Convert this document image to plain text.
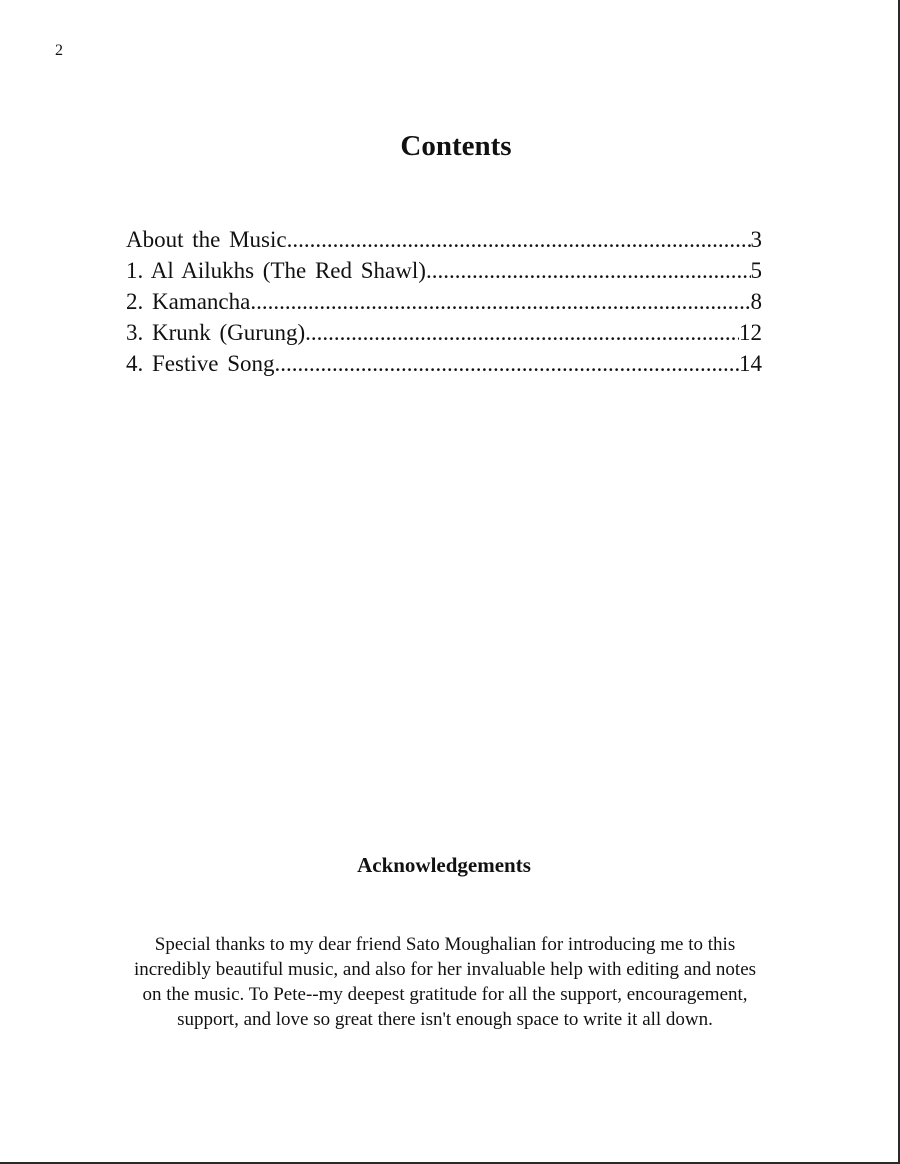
2
Contents
About the Music .....	3
1. Al Ailukhs (The Red Shawl) .....	5
2. Kamancha .....	8
3. Krunk (Gurung) .....	12
4. Festive Song .....	14
Acknowledgements

Special thanks to my dear friend Sato Moughalian for introducing me to this
incredibly beautiful music, and also for her invaluable help with editing and notes
on the music. To Pete--my deepest gratitude for all the support, encouragement,
support, and love so great there isn't enough space to write it all down.
